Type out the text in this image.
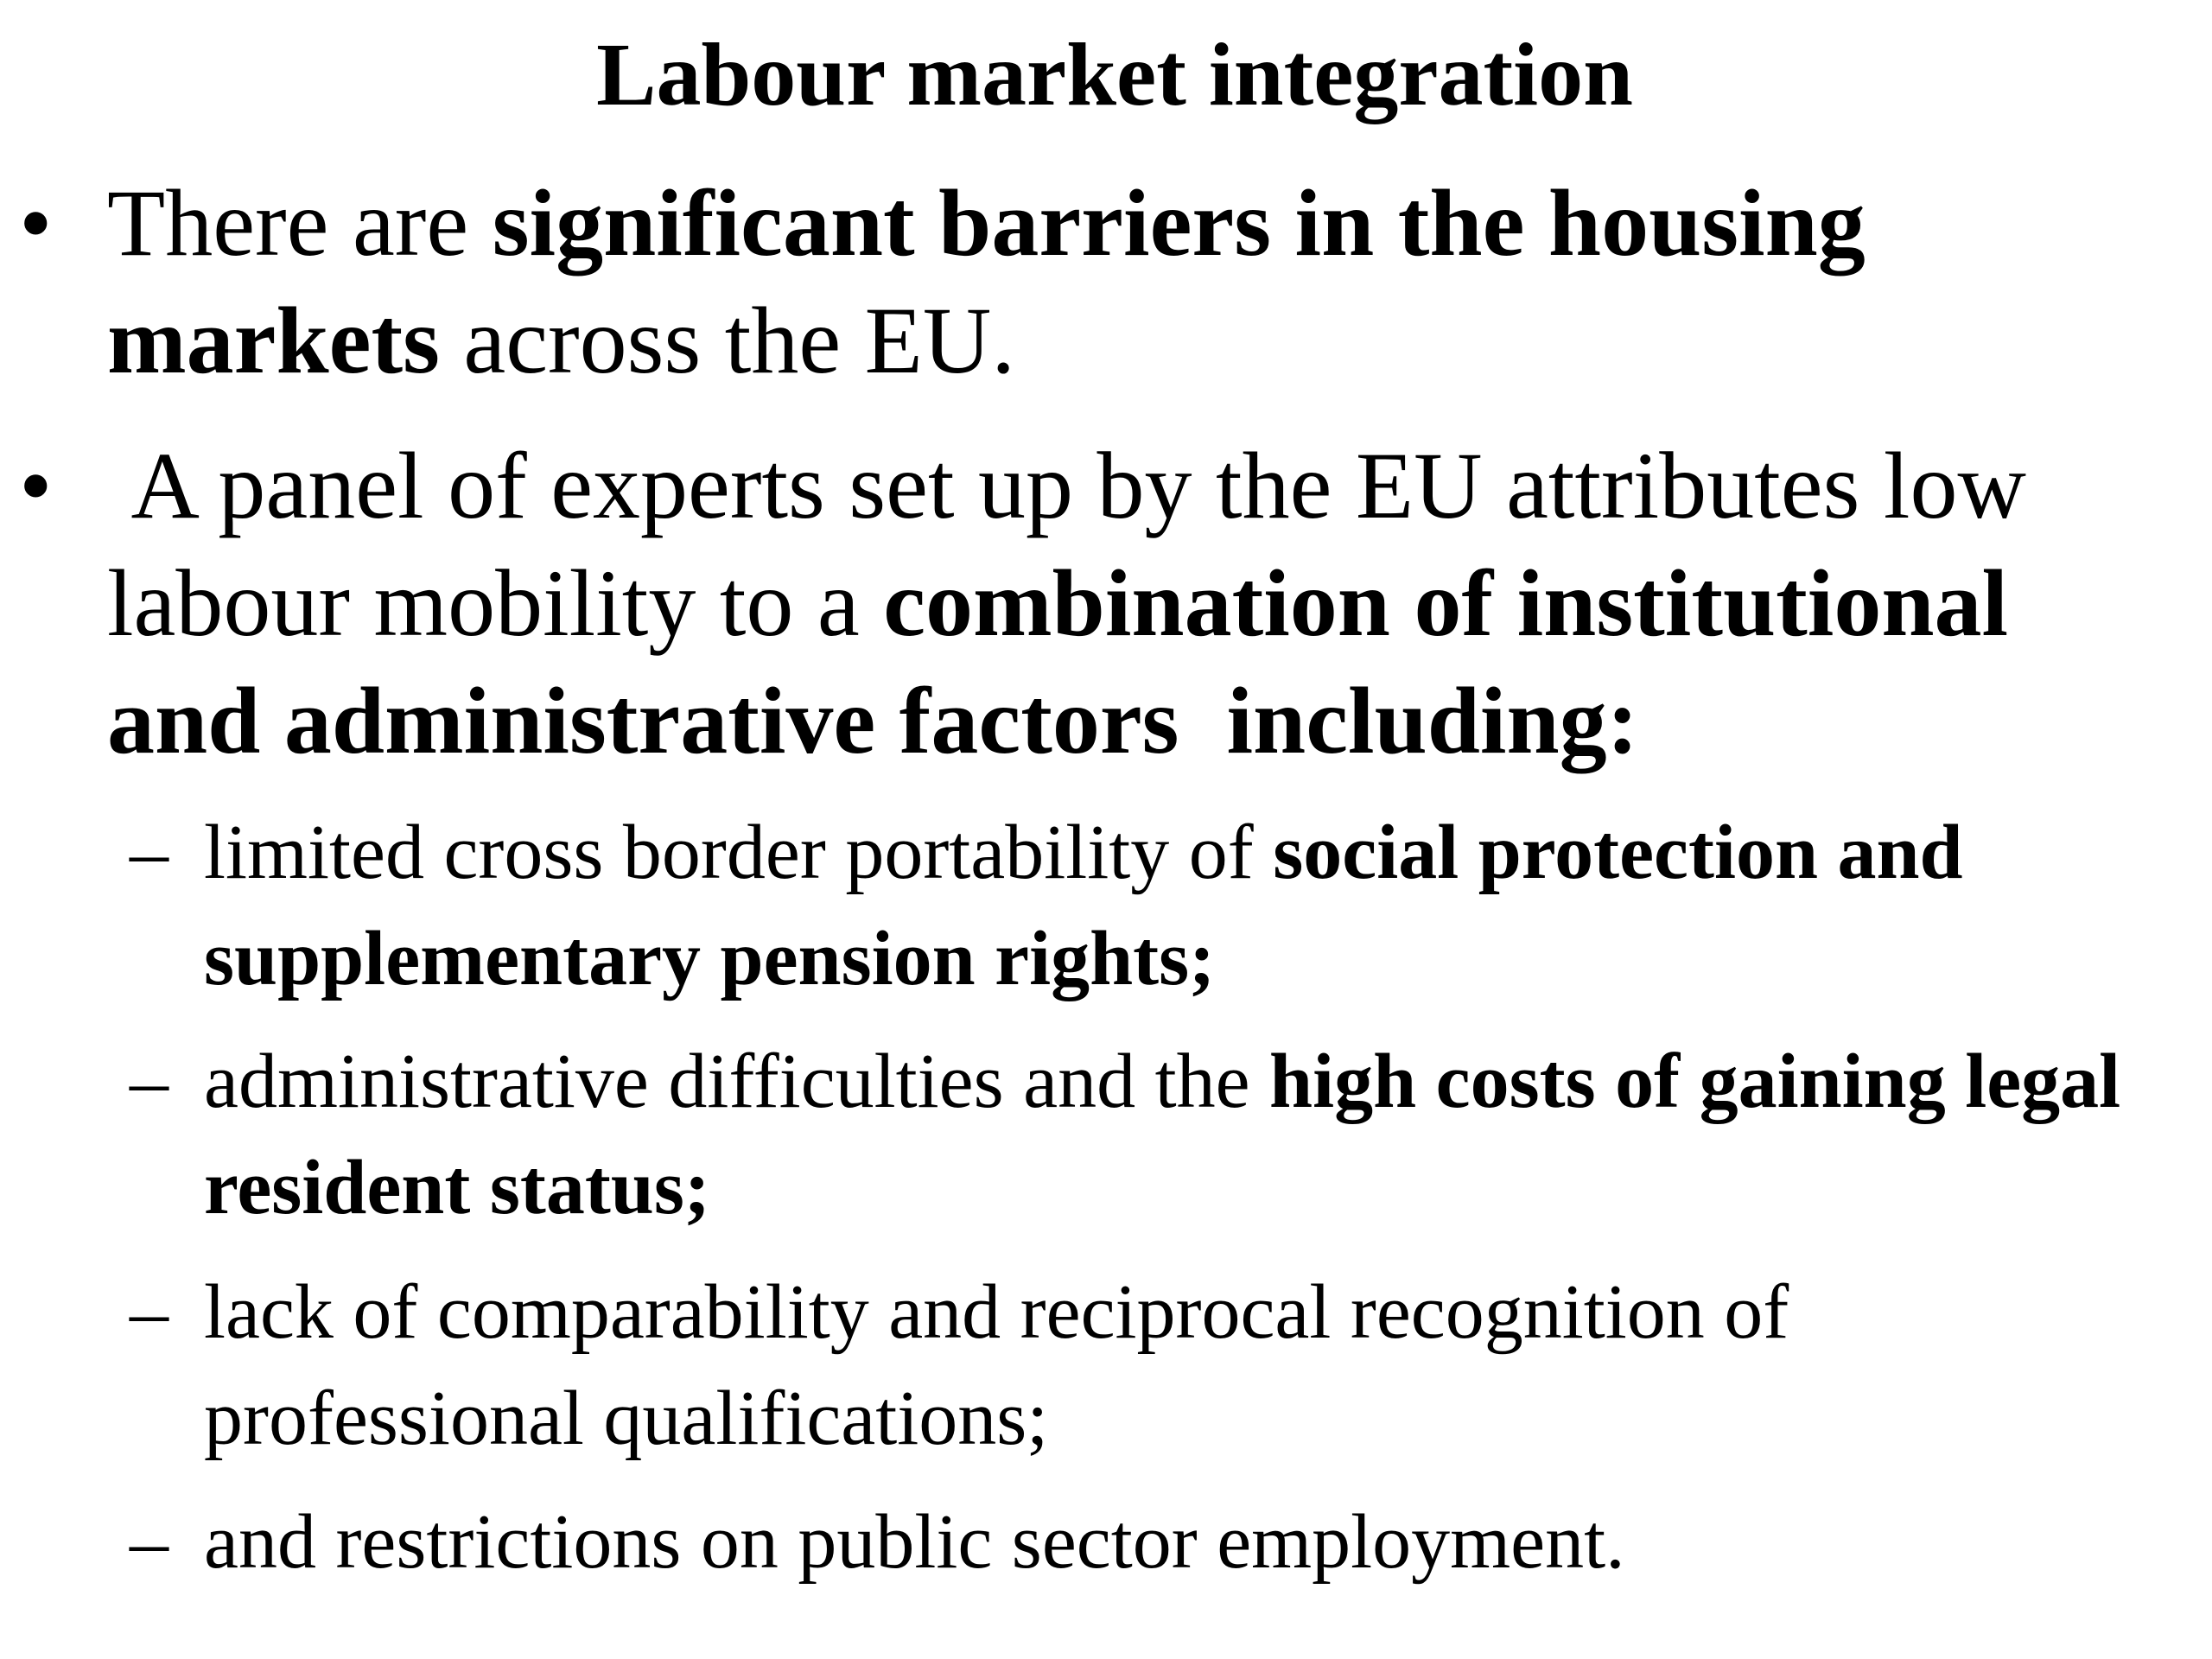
Labour market integration
• There are significant barriers in the housing markets across the EU.
• A panel of experts set up by the EU attributes low labour mobility to a combination of institutional and administrative factors  including:
– limited cross border portability of social protection and supplementary pension rights;
– administrative difficulties and the high costs of gaining legal resident status;
– lack of comparability and reciprocal recognition of professional qualifications;
– and restrictions on public sector employment.
